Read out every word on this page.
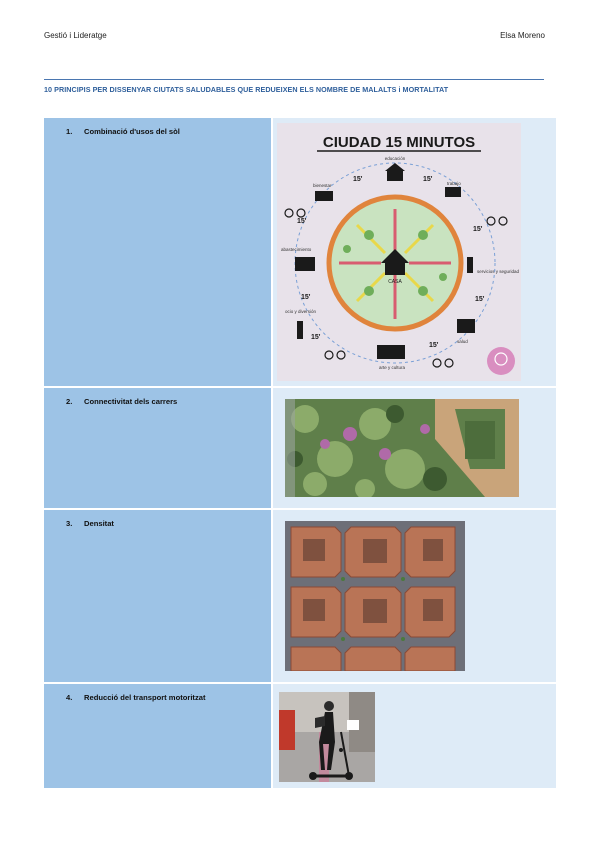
Gestió i Lideratge	Elsa Moreno
10 PRINCIPIS PER DISSENYAR CIUTATS SALUDABLES QUE REDUEIXEN ELS NOMBRE DE MALALTS i MORTALITAT
1. Combinació d'usos del sòl
CIUDAD 15 MINUTOS
CASA
15'	15'
15'
15'
15'	15'
15'
15'
educación
trabajo
bienestar
abastecimiento
servicios y seguridad
ocio y diversión
salud
arte y cultura
2. Connectivitat dels carrers
3. Densitat
4. Reducció del transport motoritzat
